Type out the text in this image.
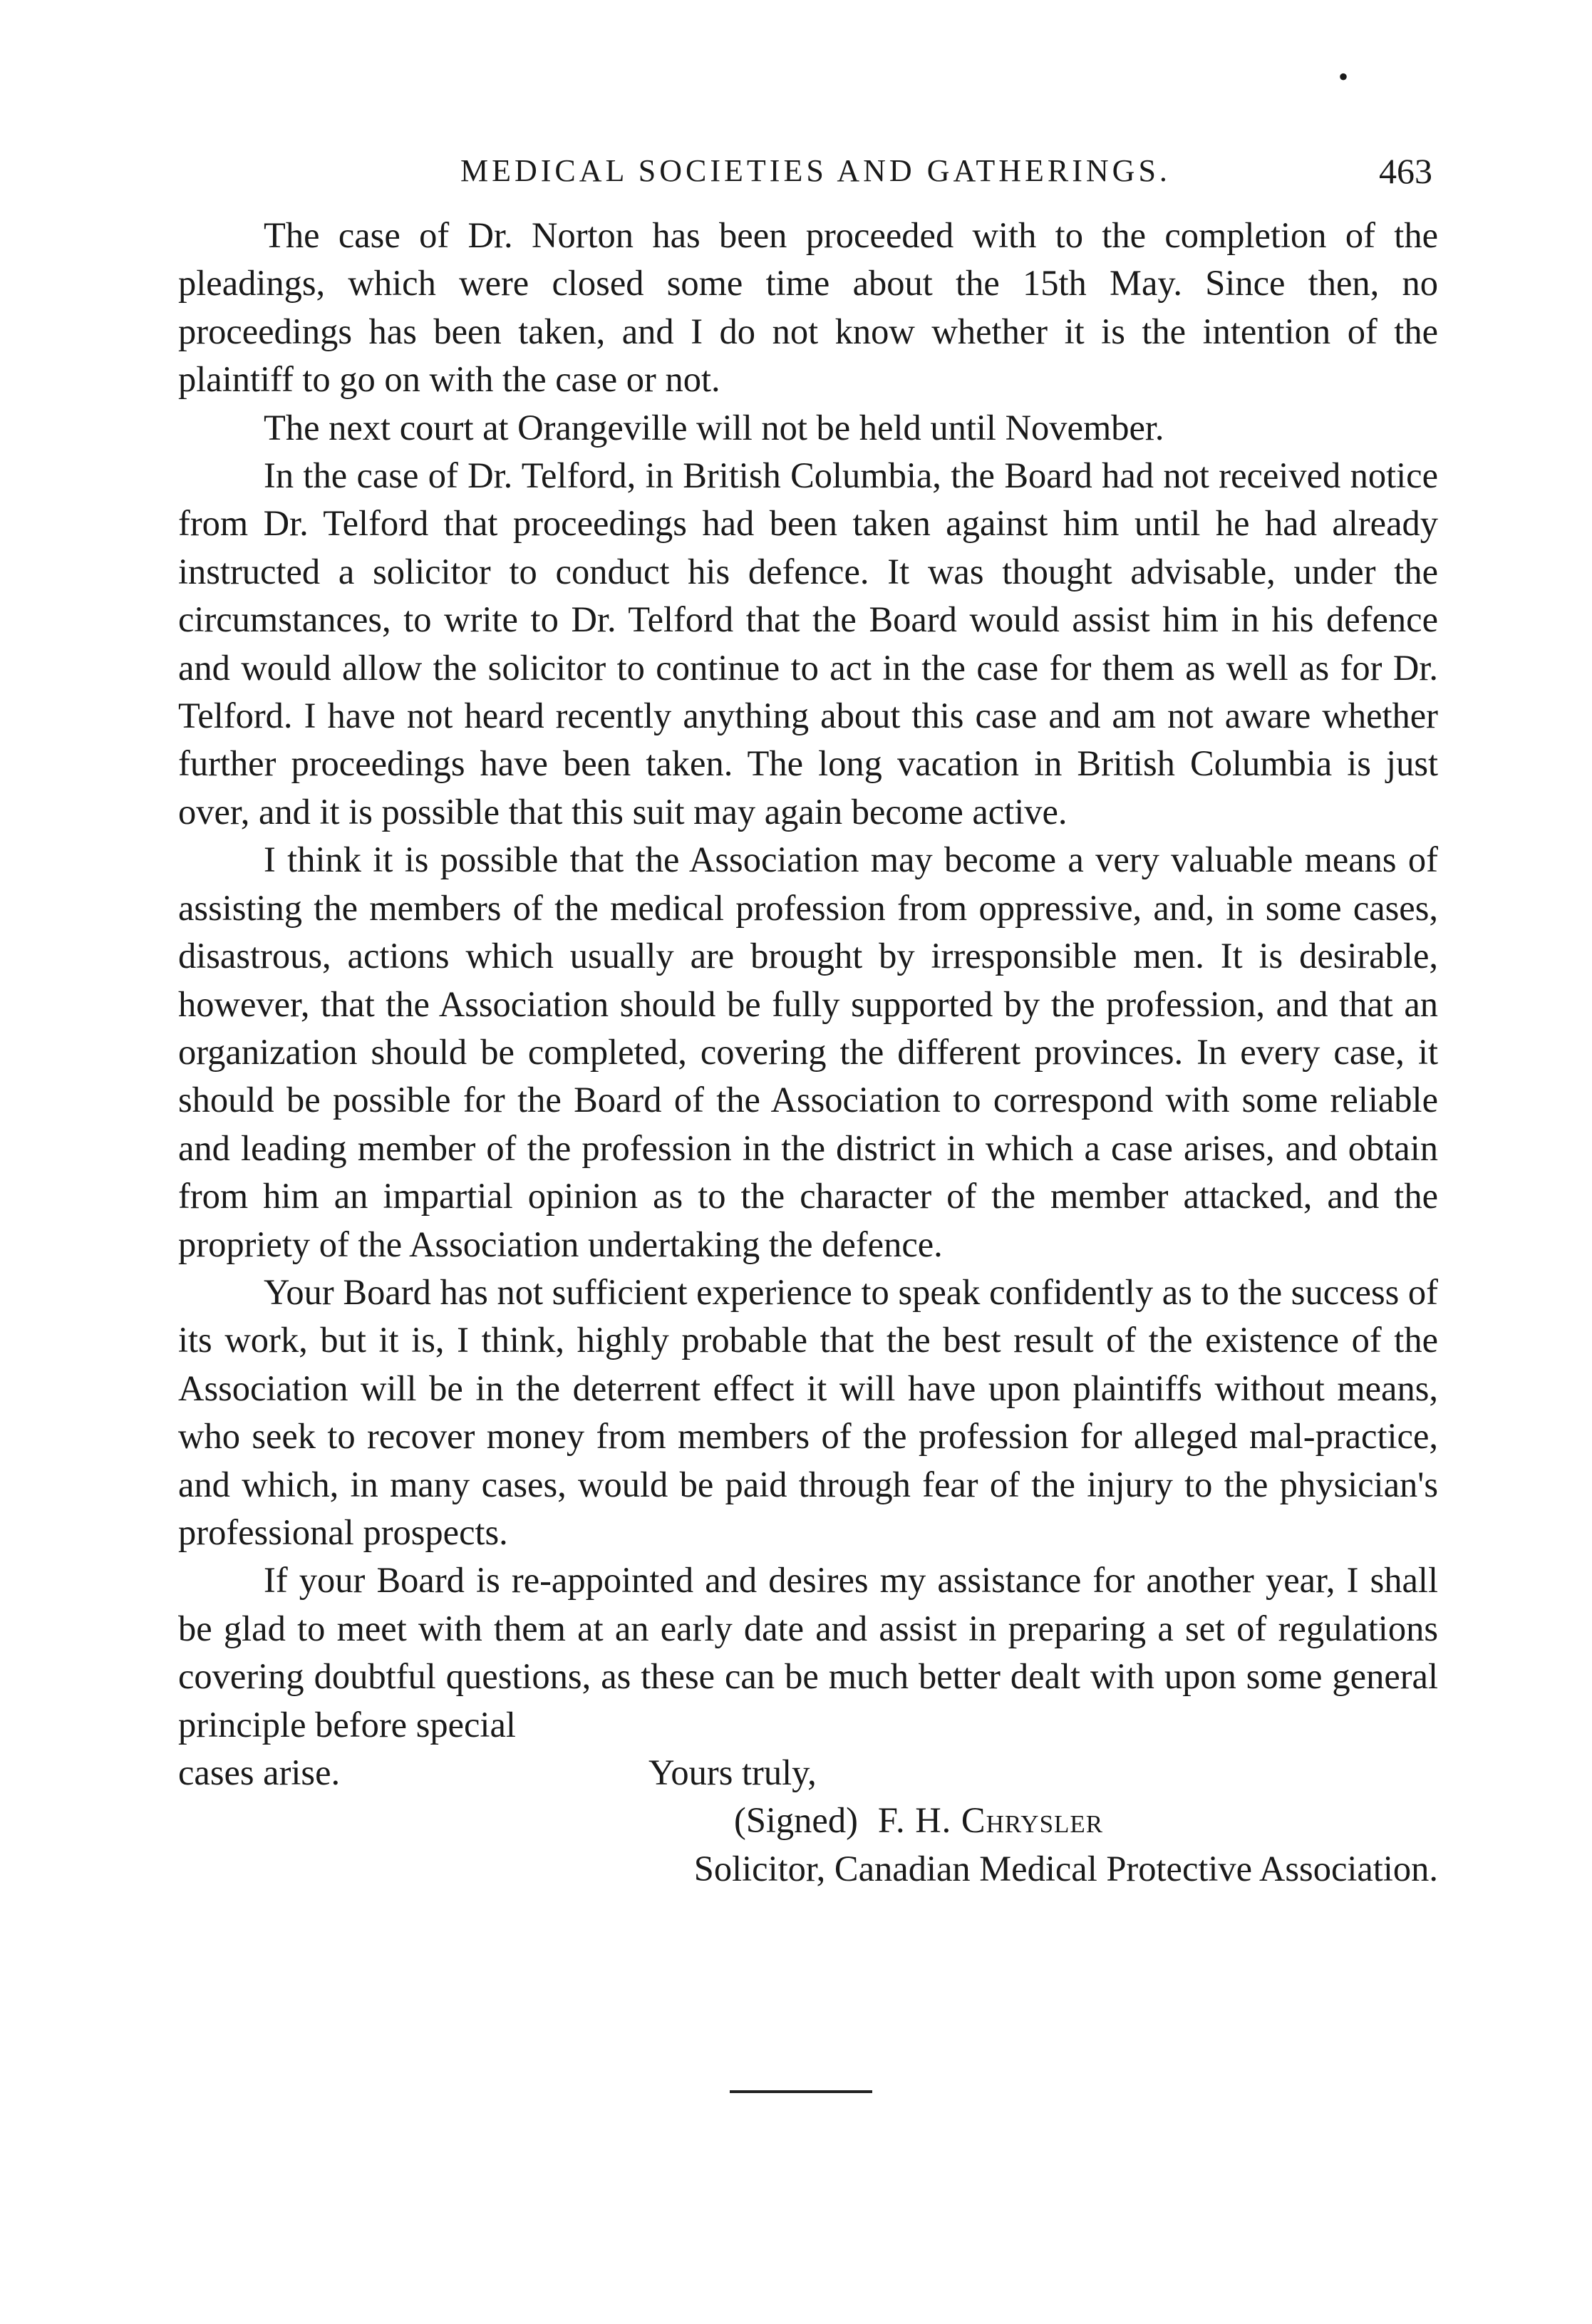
•
MEDICAL SOCIETIES AND GATHERINGS.	463

The case of Dr. Norton has been proceeded with to the completion of the pleadings, which were closed some time about the 15th May. Since then, no proceedings has been taken, and I do not know whether it is the intention of the plaintiff to go on with the case or not.

The next court at Orangeville will not be held until November.

In the case of Dr. Telford, in British Columbia, the Board had not received notice from Dr. Telford that proceedings had been taken against him until he had already instructed a solicitor to conduct his defence. It was thought advisable, under the circumstances, to write to Dr. Telford that the Board would assist him in his defence and would allow the solicitor to continue to act in the case for them as well as for Dr. Telford. I have not heard recently anything about this case and am not aware whether further proceedings have been taken. The long vacation in British Columbia is just over, and it is possible that this suit may again become active.

I think it is possible that the Association may become a very valuable means of assisting the members of the medical profession from oppressive, and, in some cases, disastrous, actions which usually are brought by irresponsible men. It is desirable, however, that the Association should be fully supported by the profession, and that an organization should be completed, covering the different provinces. In every case, it should be possible for the Board of the Association to correspond with some reliable and leading member of the profession in the district in which a case arises, and obtain from him an impartial opinion as to the character of the member attacked, and the propriety of the Association undertaking the defence.

Your Board has not sufficient experience to speak confidently as to the success of its work, but it is, I think, highly probable that the best result of the existence of the Association will be in the deterrent effect it will have upon plaintiffs without means, who seek to recover money from members of the profession for alleged mal-practice, and which, in many cases, would be paid through fear of the injury to the physician's professional prospects.

If your Board is re-appointed and desires my assistance for another year, I shall be glad to meet with them at an early date and assist in preparing a set of regulations covering doubtful questions, as these can be much better dealt with upon some general principle before special

cases arise.	Yours truly,
(Signed) F. H. Chrysler
Solicitor, Canadian Medical Protective Association.
